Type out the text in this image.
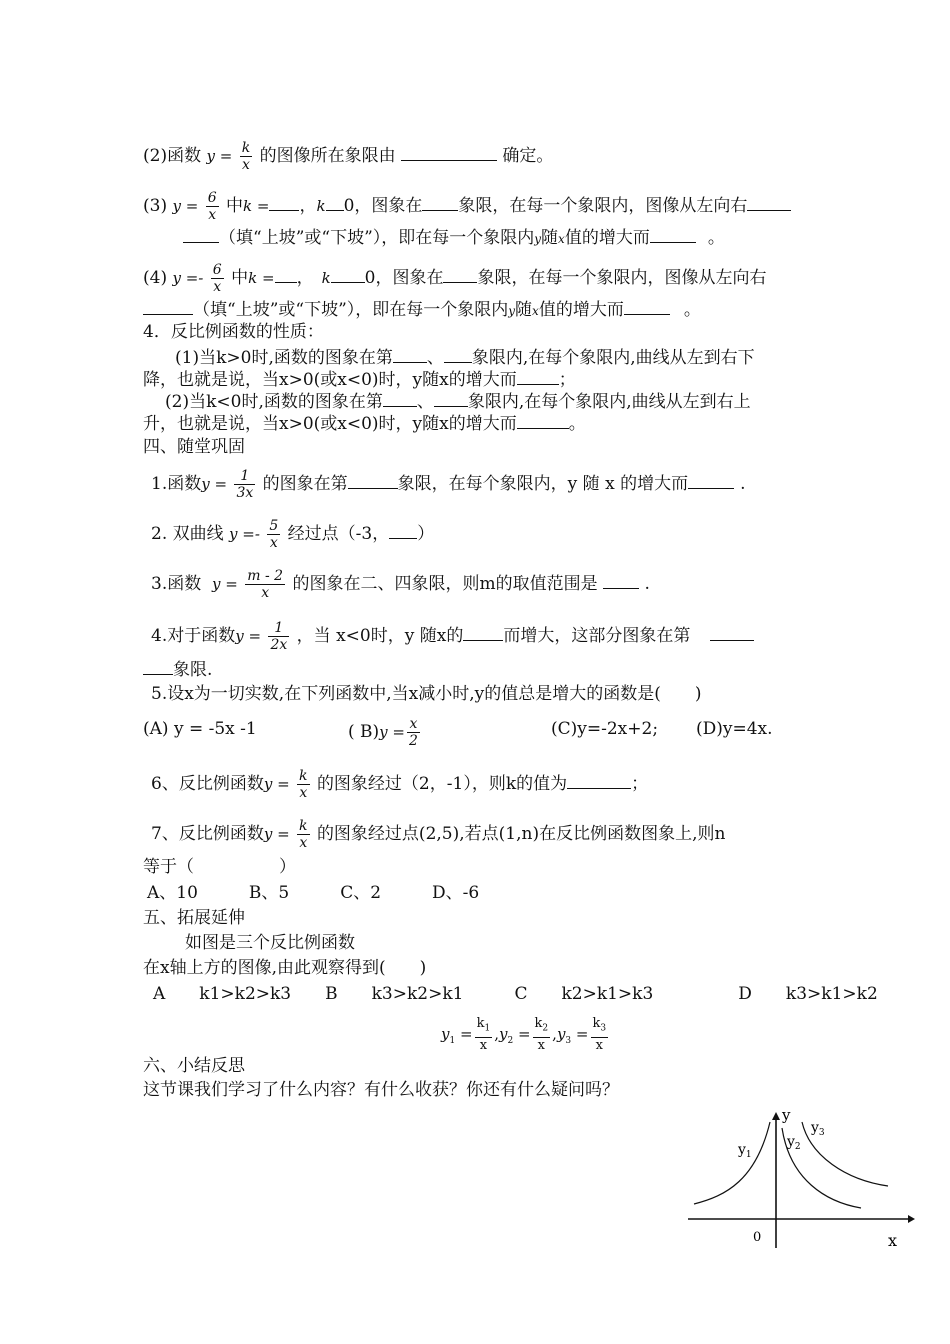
(2)函数 $y = \frac{k}{x}$ 的图像所在象限由	确定。
(3) $y = \frac{6}{x}$ 中k = ，k 0，图象在 象限，在每一个象限内，图像从左向右
（填“上坡”或“下坡”），即在每一个象限内y随x值的增大而	。
(4) $y =- \frac{6}{x}$ 中k = ， k 0，图象在 象限，在每一个象限内，图像从左向右
（填“上坡”或“下坡”），即在每一个象限内y随x值的增大而	。
4．反比例函数的性质：
(1)当k>0时,函数的图象在第 、 象限内,在每个象限内,曲线从左到右下
降，也就是说，当x>0(或x<0)时，y随x的增大而 ；
(2)当k<0时,函数的图象在第 、 象限内,在每个象限内,曲线从左到右上
升，也就是说，当x>0(或x<0)时，y随x的增大而	。
四、随堂巩固
1.函数$y = \frac{1}{3x}$ 的图象在第	象限，在每个象限内，y 随 x 的增大而	.
2. 双曲线 $y =- \frac{5}{x}$ 经过点（-3， ）
3.函数 $y = \frac{m - 2}{x}$ 的图象在二、四象限，则m的取值范围是	.
4.对于函数$y = \frac{1}{2x}$ ，当 x<0时，y 随x的 而增大，这部分图象在第
象限.
5.设x为一切实数,在下列函数中,当x减小时,y的值总是增大的函数是(　　)
(A) y = -5x -1	( $B)y = \frac{x}{2}$	(C)y=-2x+2; (D)y=4x.
6、反比例函数$y = \frac{k}{x}$ 的图象经过（2，-1），则k的值为	；
7、反比例函数$y = \frac{k}{x}$ 的图象经过点(2,5),若点(1,n)在反比例函数图象上,则n
等于（　　　　　）
A、10　　　B、5　　　C、2　　　D、-6
五、拓展延伸
如图是三个反比例函数
在x轴上方的图像,由此观察得到(　　)
A　　k1>k2>k3　　B　　k3>k2>k1　　　C　　k2>k1>k3　　　　　D　　k3>k1>k2
$y_1 = \frac{k_1}{x} ,y_2 = \frac{k_2}{x} ,y_3 = \frac{k_3}{x}$
六、小结反思
这节课我们学习了什么内容？有什么收获？你还有什么疑问吗？
y
x
0
$y_1$
$y_2$
$y_3$
